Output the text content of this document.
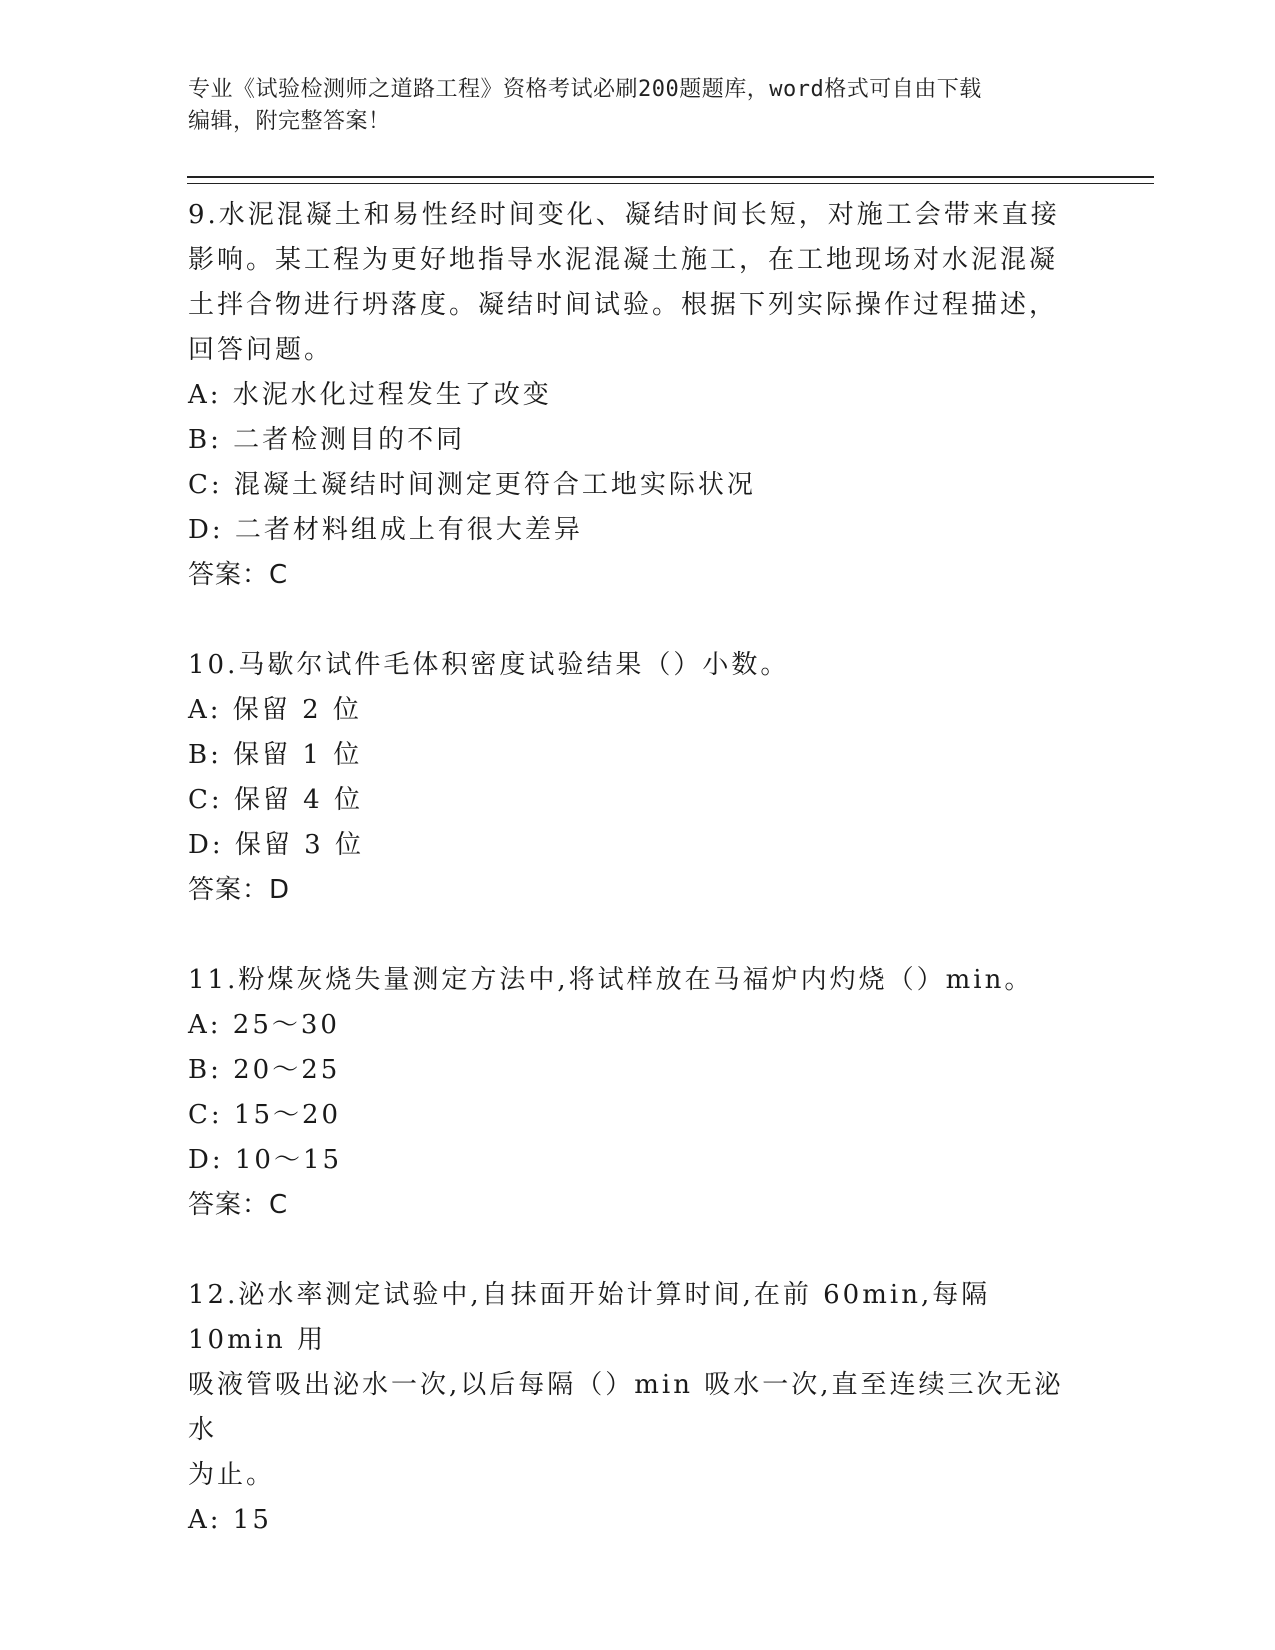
专业《试验检测师之道路工程》资格考试必刷200题题库，word格式可自由下载
编辑，附完整答案！

9.水泥混凝土和易性经时间变化、凝结时间长短，对施工会带来直接

影响。某工程为更好地指导水泥混凝土施工，在工地现场对水泥混凝

土拌合物进行坍落度。凝结时间试验。根据下列实际操作过程描述，

回答问题。

A: 水泥水化过程发生了改变

B: 二者检测目的不同

C: 混凝土凝结时间测定更符合工地实际状况

D: 二者材料组成上有很大差异

答案：C

10.马歇尔试件毛体积密度试验结果（）小数。

A: 保留 2 位

B: 保留 1 位

C: 保留 4 位

D: 保留 3 位

答案：D

11.粉煤灰烧失量测定方法中,将试样放在马福炉内灼烧（）min。

A: 25～30

B: 20～25

C: 15～20

D: 10～15

答案：C

12.泌水率测定试验中,自抹面开始计算时间,在前 60min,每隔 10min 用

吸液管吸出泌水一次,以后每隔（）min 吸水一次,直至连续三次无泌水

为止。

A: 15
